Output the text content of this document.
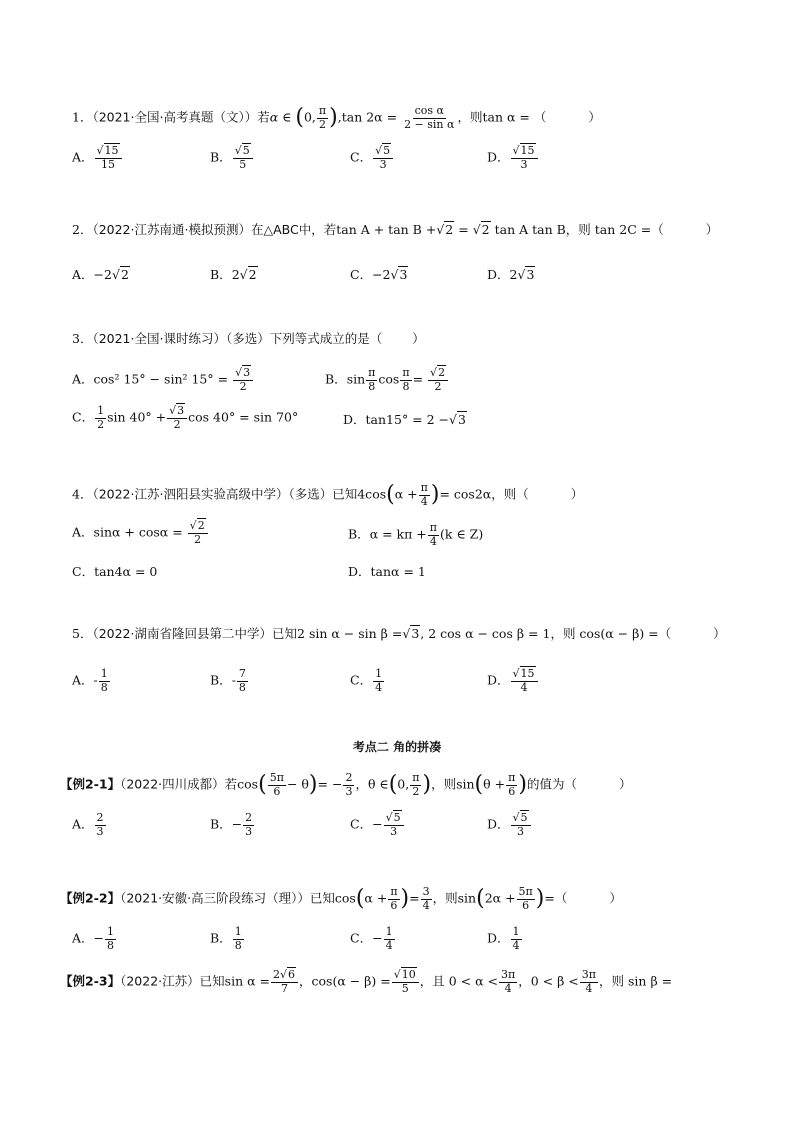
1．（2021·全国·高考真题（文））若α ∈ (0, $\frac{\pi}{2} ),\tan$ $2\alpha = \frac{\text{cos α}}{\text{2 − sin α}}$ ，则tan α = （	）
A． √ $\frac{15}{15}$	B． √ $\frac{5}{5}$	C． √ $\frac{5}{3}$	D． √ $\frac{15}{3}$
2．（2022·江苏南通·模拟预测）在△ABC中，若tan A + tan B + √ 2 = √ 2 tan A tan B，则 tan 2C =（	）
A．−2 √ 2	B．2 √ 2	C．−2 √ 3	D．2 √ 3
3．（2021·全国·课时练习）（多选）下列等式成立的是（ ）
A．cos² 15° − sin² 15° = √ $\frac{3}{2}$	B．$\sin \frac{\pi}{8}$ $\cos \frac{\pi}{8}$ = √ $\frac{2}{2}$
C． $\frac{1}{2}$ sin 40° + √ $\frac{3}{2}$ cos 40° = sin 70°	D．tan15° = 2 − √ 3
4．（2022·江苏·泗阳县实验高级中学）（多选）已知$4\cos(\alpha + \frac{\pi}{4}$ )= cos2α，则（	）
A．sinα + cosα = √ $\frac{2}{2}$	B．$\alpha = k\pi + \frac{\pi}{4} (k$ ∈ Z)
C．tan4α = 0	D．tanα = 1
5．（2022·湖南省隆回县第二中学）已知2 sin α − sin β = √ 3, 2 cos α − cos β = 1，则 cos(α − β) =（	）
A．- $\frac{1}{8}$	B．- $\frac{7}{8}$	C． $\frac{1}{4}$	D． √ $\frac{15}{4}$
考点二 角的拼凑
【例2-1】（2022·四川成都）若$\cos( \frac{5\pi}{6} - \theta)= - \frac{2}{3}$ ，θ ∈(0, $\frac{\pi}{2}$ )，则$\sin(\theta + \frac{\pi}{6}$ )的值为（	）
A． $\frac{2}{3}$	B．− $\frac{2}{3}$	C．− √ $\frac{5}{3}$	D． √ $\frac{5}{3}$
【例2-2】（2021·安徽·高三阶段练习（理））已知$\cos(\alpha + \frac{\pi}{6}$ )= $\frac{3}{4}$ ，则$\sin(2\alpha + \frac{5\pi}{6}$ )=（	）
A．− $\frac{1}{8}$	B． $\frac{1}{8}$	C．− $\frac{1}{4}$	D． $\frac{1}{4}$
【例2-3】（2022·江苏）已知$\sin \alpha = \frac{2 √ 6}{7}$ ，cos(α − β) = √ $\frac{10}{5}$ ，且 $0 < \alpha < \frac{3\pi}{4}$ ，$0 < \beta < \frac{3\pi}{4}$ ，则 sin β =
